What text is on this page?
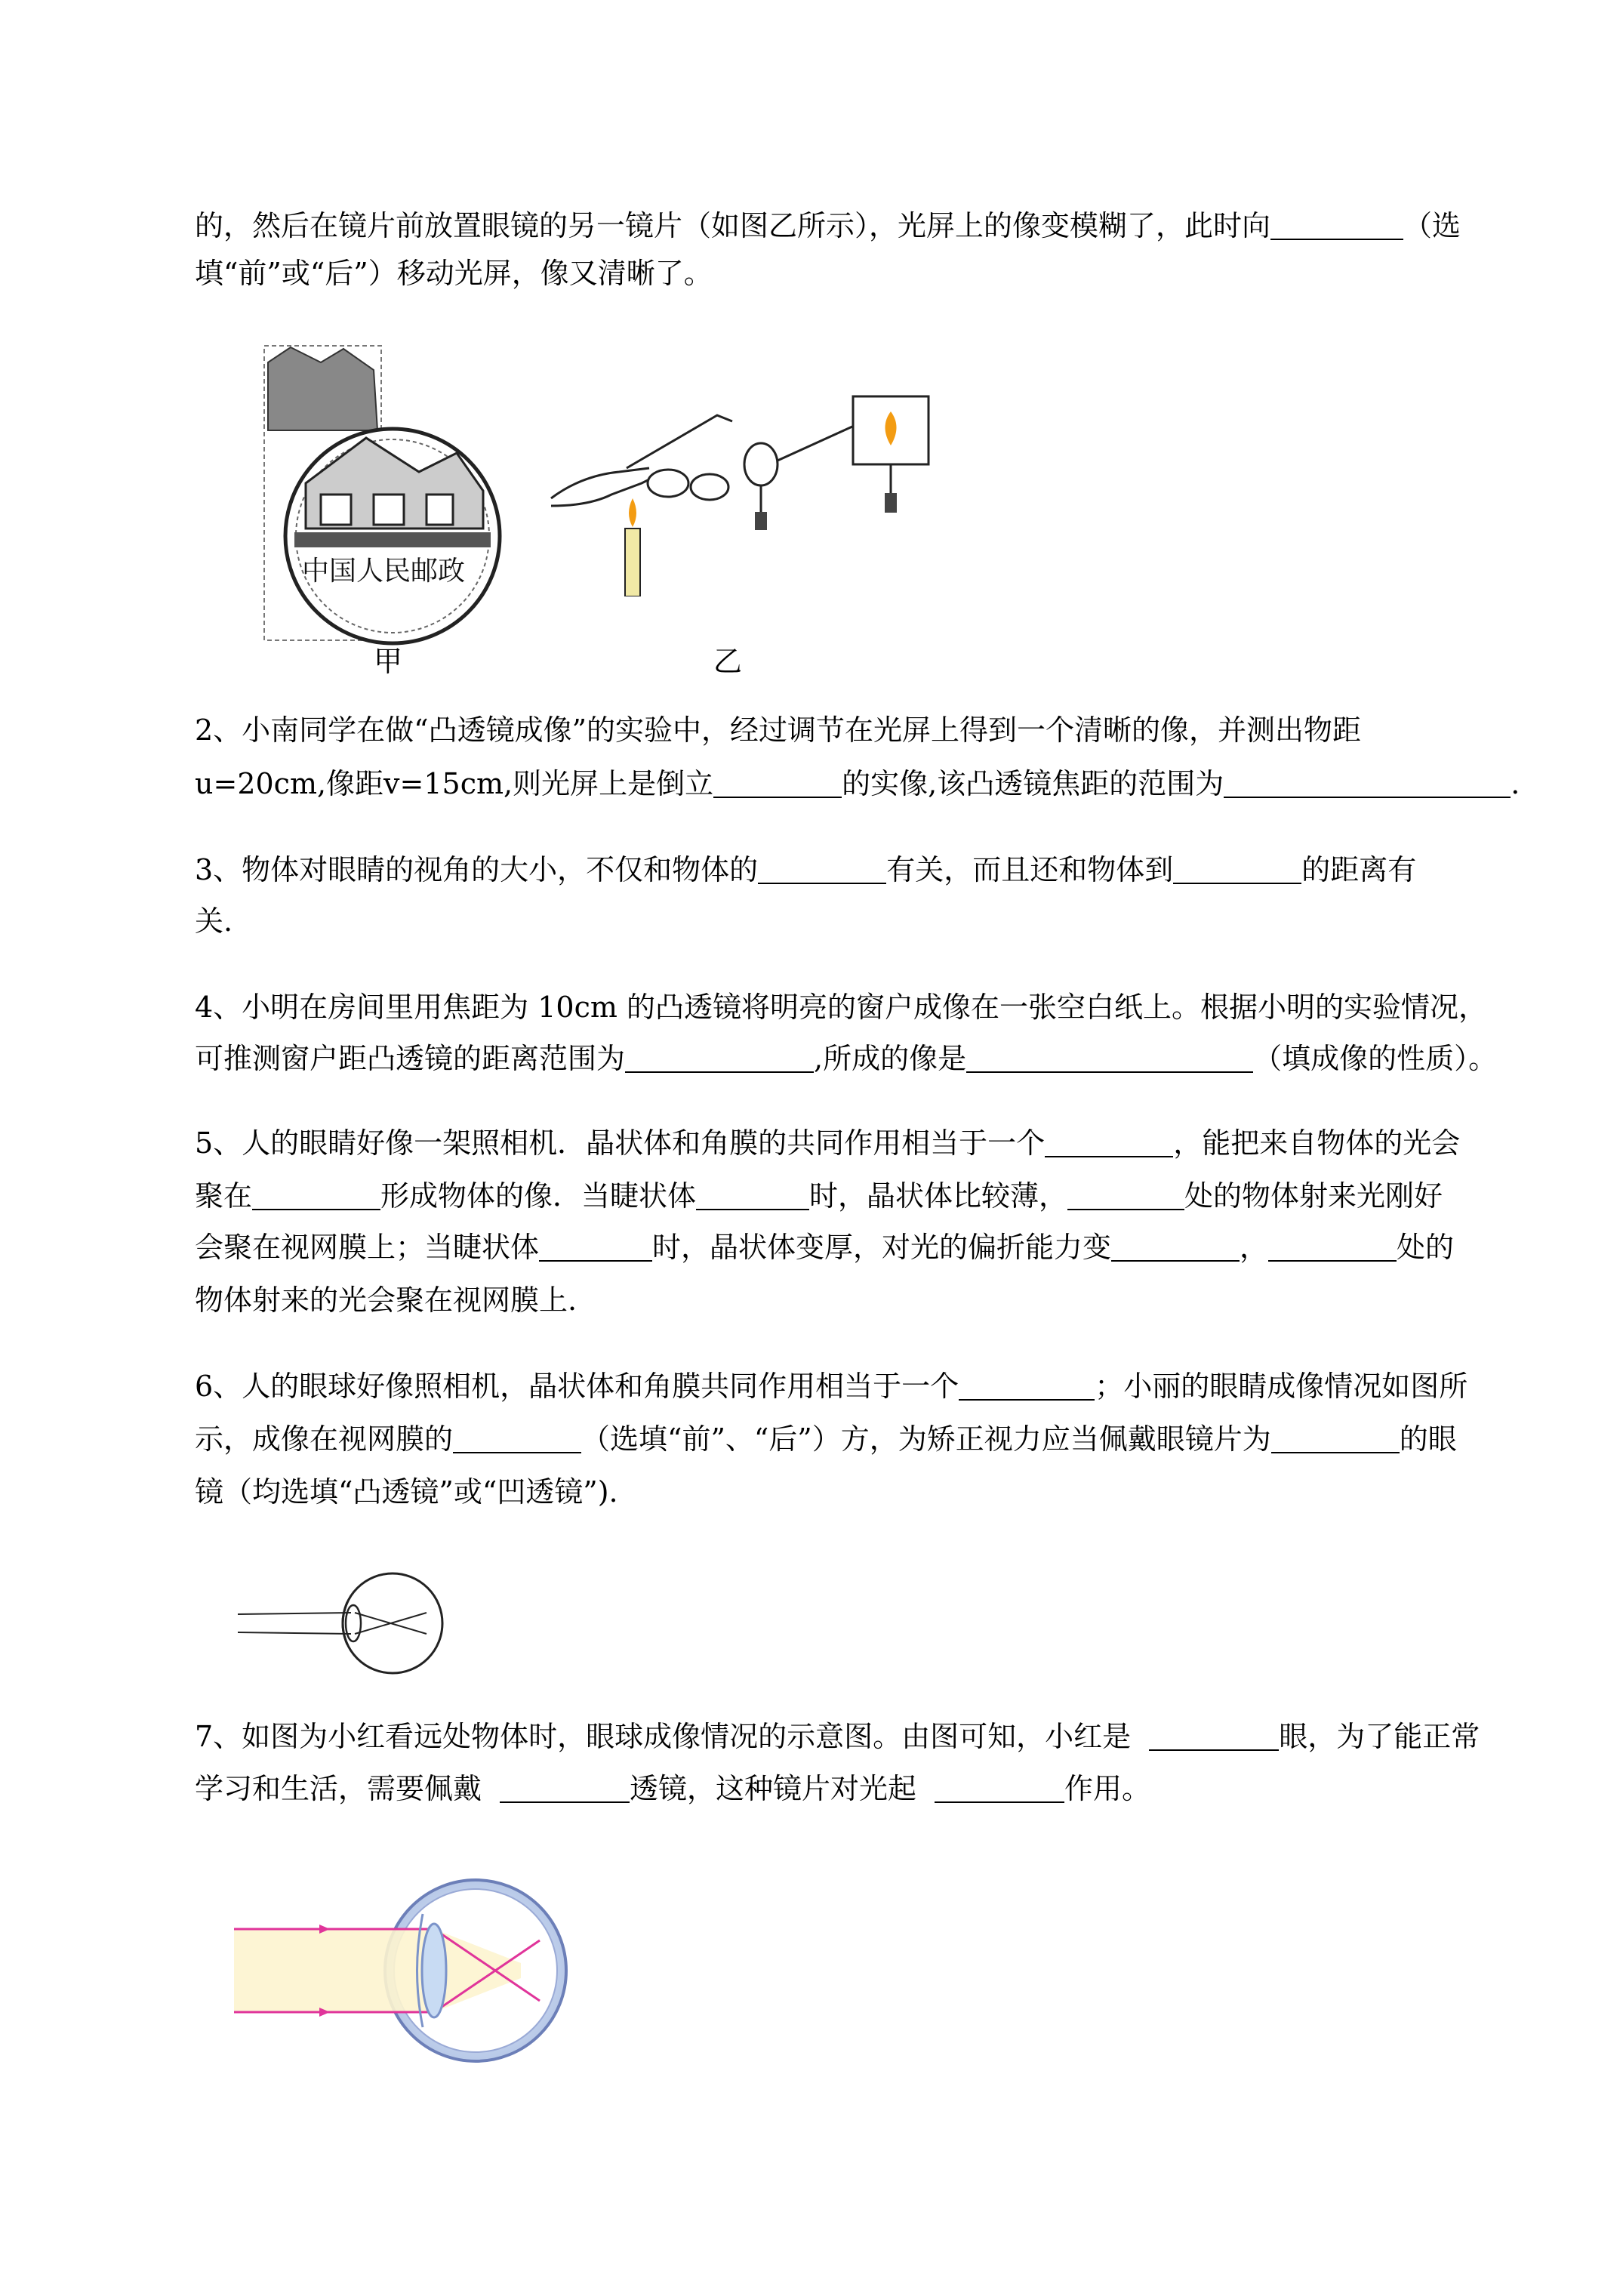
的，然后在镜片前放置眼镜的另一镜片（如图乙所示），光屏上的像变模糊了，此时向	（选
填“前”或“后”）移动光屏，像又清晰了。
中国人民邮政
甲	乙
2、小南同学在做“凸透镜成像”的实验中，经过调节在光屏上得到一个清晰的像，并测出物距
u=20cm,像距v=15cm,则光屏上是倒立	的实像,该凸透镜焦距的范围为	.
3、物体对眼睛的视角的大小，不仅和物体的	有关，而且还和物体到	的距离有
关.
4、小明在房间里用焦距为 10cm 的凸透镜将明亮的窗户成像在一张空白纸上。根据小明的实验情况，
可推测窗户距凸透镜的距离范围为	,所成的像是	（填成像的性质）。
5、人的眼睛好像一架照相机．晶状体和角膜的共同作用相当于一个	，能把来自物体的光会
聚在	形成物体的像．当睫状体	时，晶状体比较薄，	处的物体射来光刚好
会聚在视网膜上；当睫状体	时，晶状体变厚，对光的偏折能力变	，	处的
物体射来的光会聚在视网膜上.
6、人的眼球好像照相机，晶状体和角膜共同作用相当于一个	；小丽的眼睛成像情况如图所
示，成像在视网膜的	（选填“前”、“后”）方，为矫正视力应当佩戴眼镜片为	的眼
镜（均选填“凸透镜”或“凹透镜”).
7、如图为小红看远处物体时，眼球成像情况的示意图。由图可知，小红是	眼，为了能正常
学习和生活，需要佩戴	透镜，这种镜片对光起	作用。
